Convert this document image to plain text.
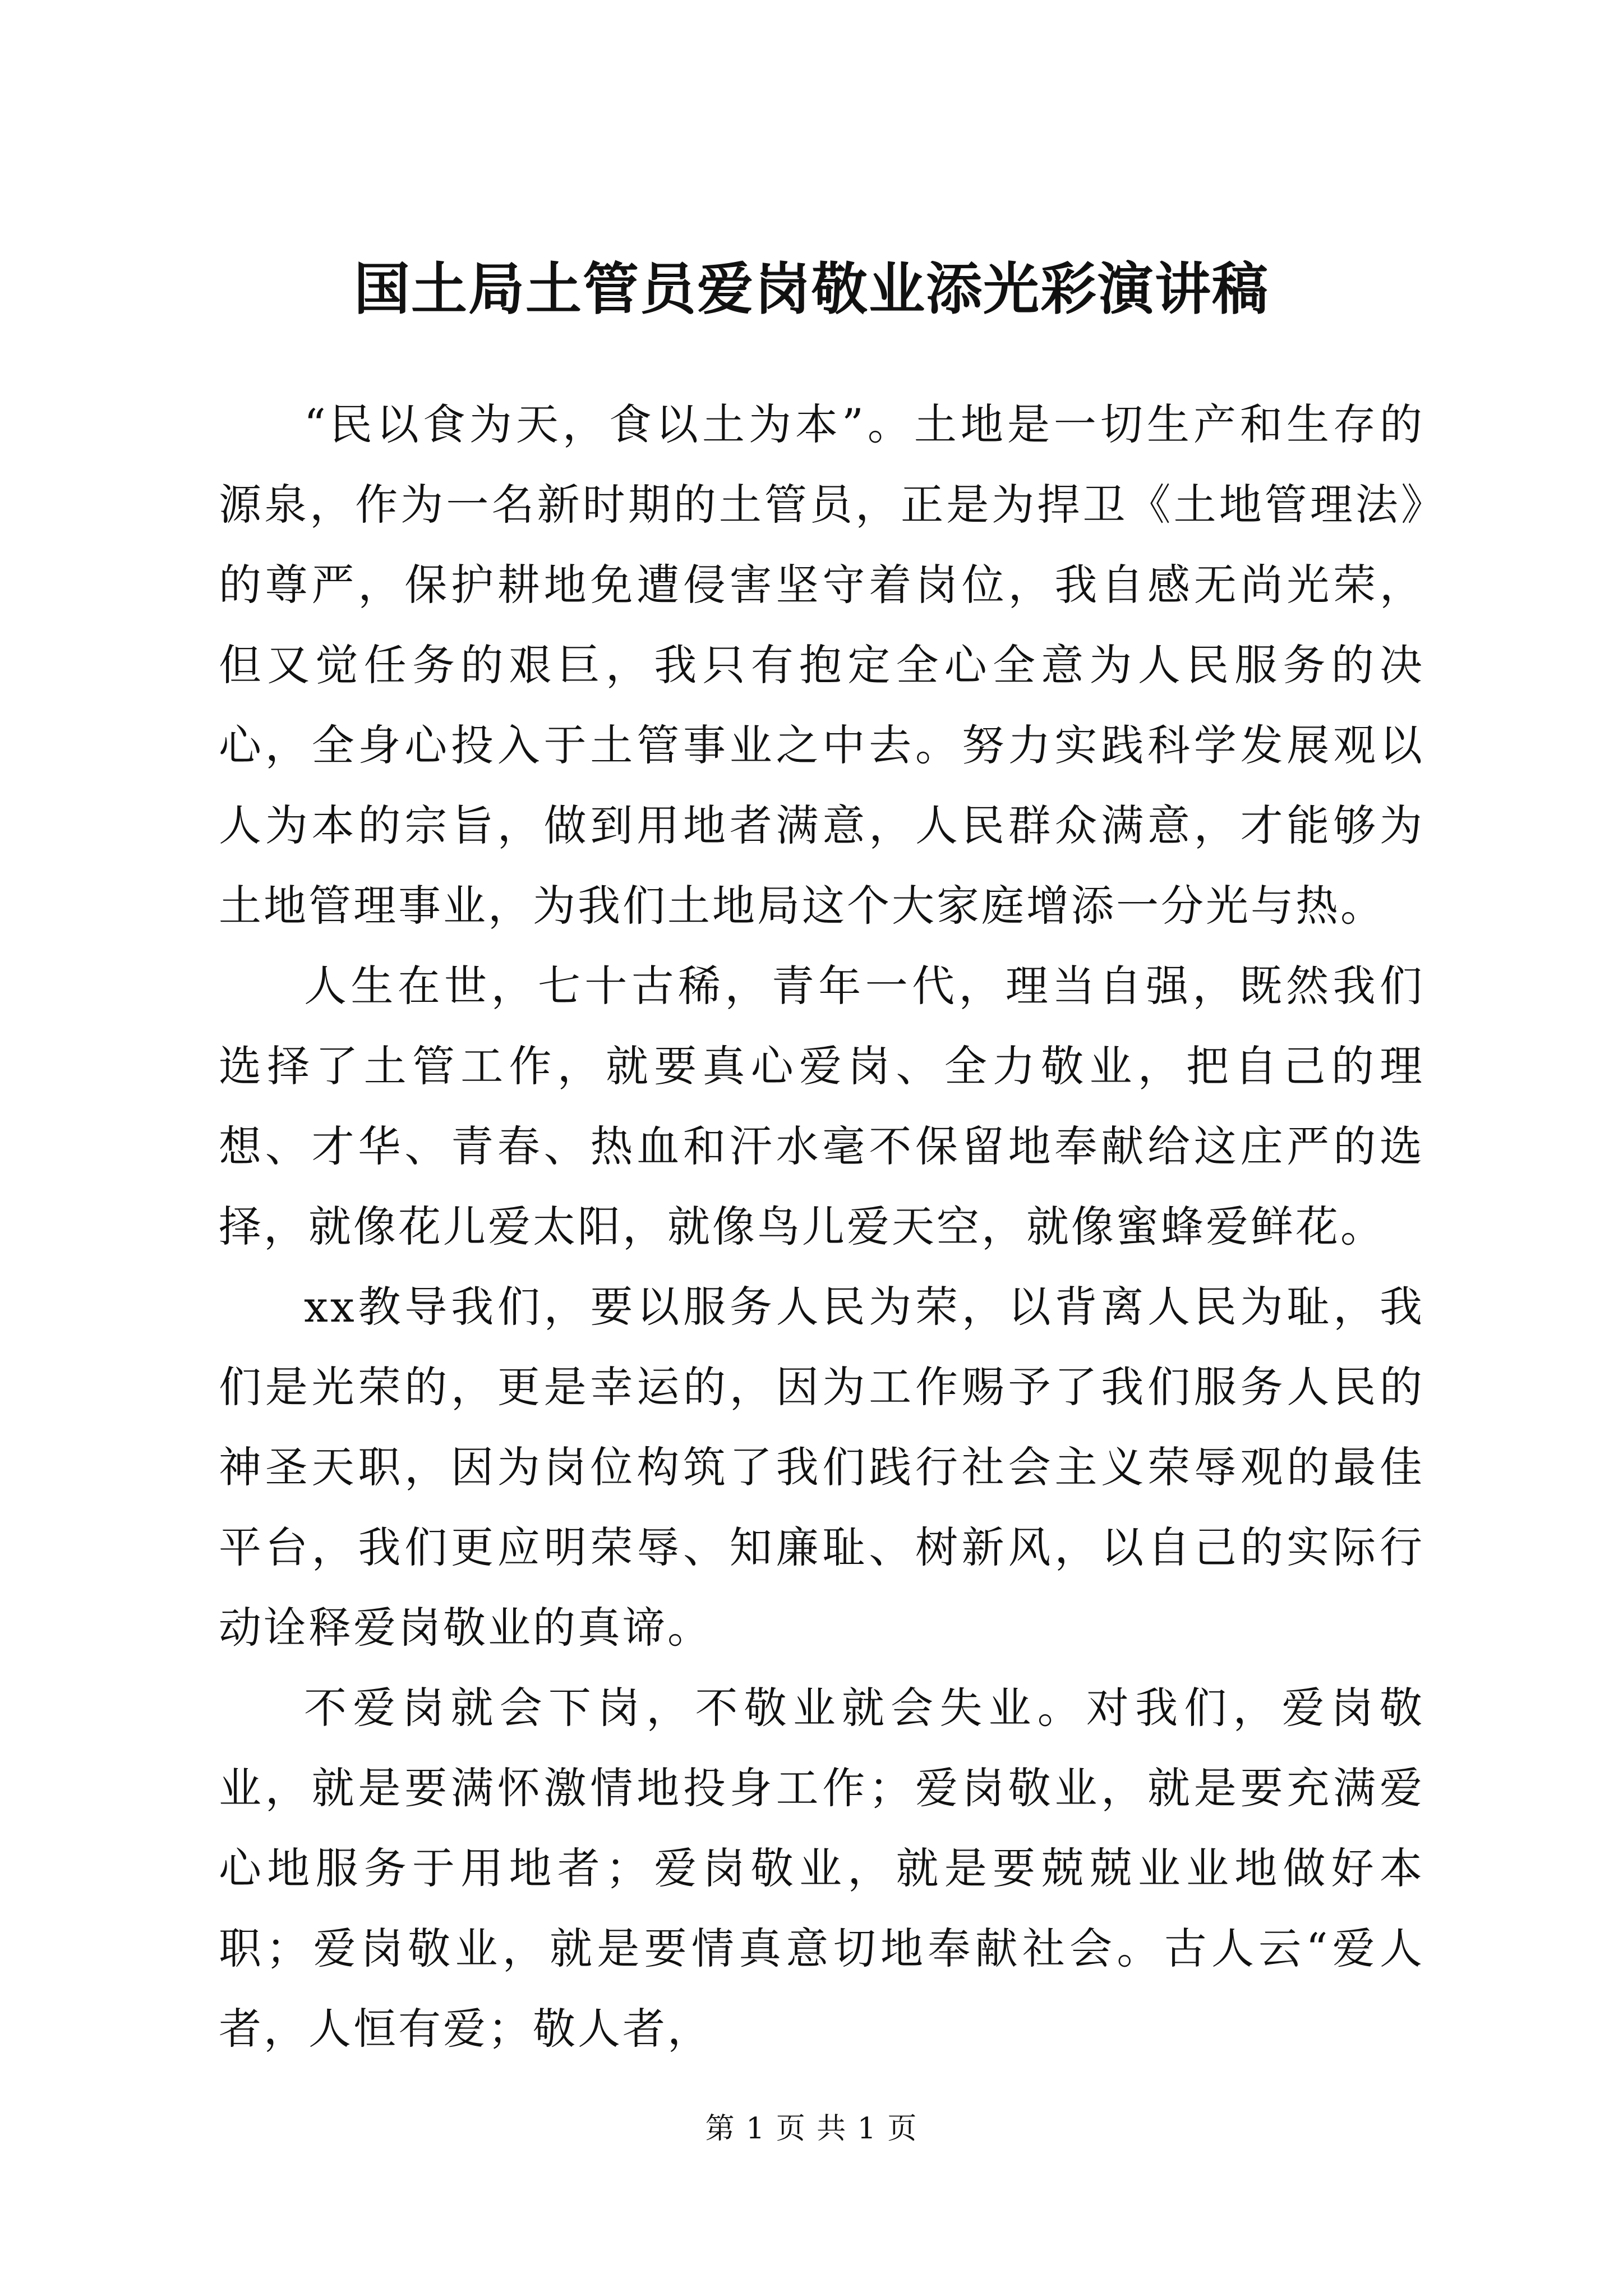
国土局土管员爱岗敬业添光彩演讲稿

“民以食为天，食以土为本”。土地是一切生产和生存的源泉，作为一名新时期的土管员，正是为捍卫《土地管理法》的尊严，保护耕地免遭侵害坚守着岗位，我自感无尚光荣，但又觉任务的艰巨，我只有抱定全心全意为人民服务的决心，全身心投入于土管事业之中去。努力实践科学发展观以人为本的宗旨，做到用地者满意，人民群众满意，才能够为土地管理事业，为我们土地局这个大家庭增添一分光与热。

人生在世，七十古稀，青年一代，理当自强，既然我们选择了土管工作，就要真心爱岗、全力敬业，把自己的理想、才华、青春、热血和汗水毫不保留地奉献给这庄严的选择，就像花儿爱太阳，就像鸟儿爱天空，就像蜜蜂爱鲜花。

xx教导我们，要以服务人民为荣，以背离人民为耻，我们是光荣的，更是幸运的，因为工作赐予了我们服务人民的神圣天职，因为岗位构筑了我们践行社会主义荣辱观的最佳平台，我们更应明荣辱、知廉耻、树新风，以自己的实际行动诠释爱岗敬业的真谛。

不爱岗就会下岗，不敬业就会失业。对我们，爱岗敬业，就是要满怀激情地投身工作；爱岗敬业，就是要充满爱心地服务于用地者；爱岗敬业，就是要兢兢业业地做好本职；爱岗敬业，就是要情真意切地奉献社会。古人云“爱人者，人恒有爱；敬人者，

第 1 页 共 1 页
